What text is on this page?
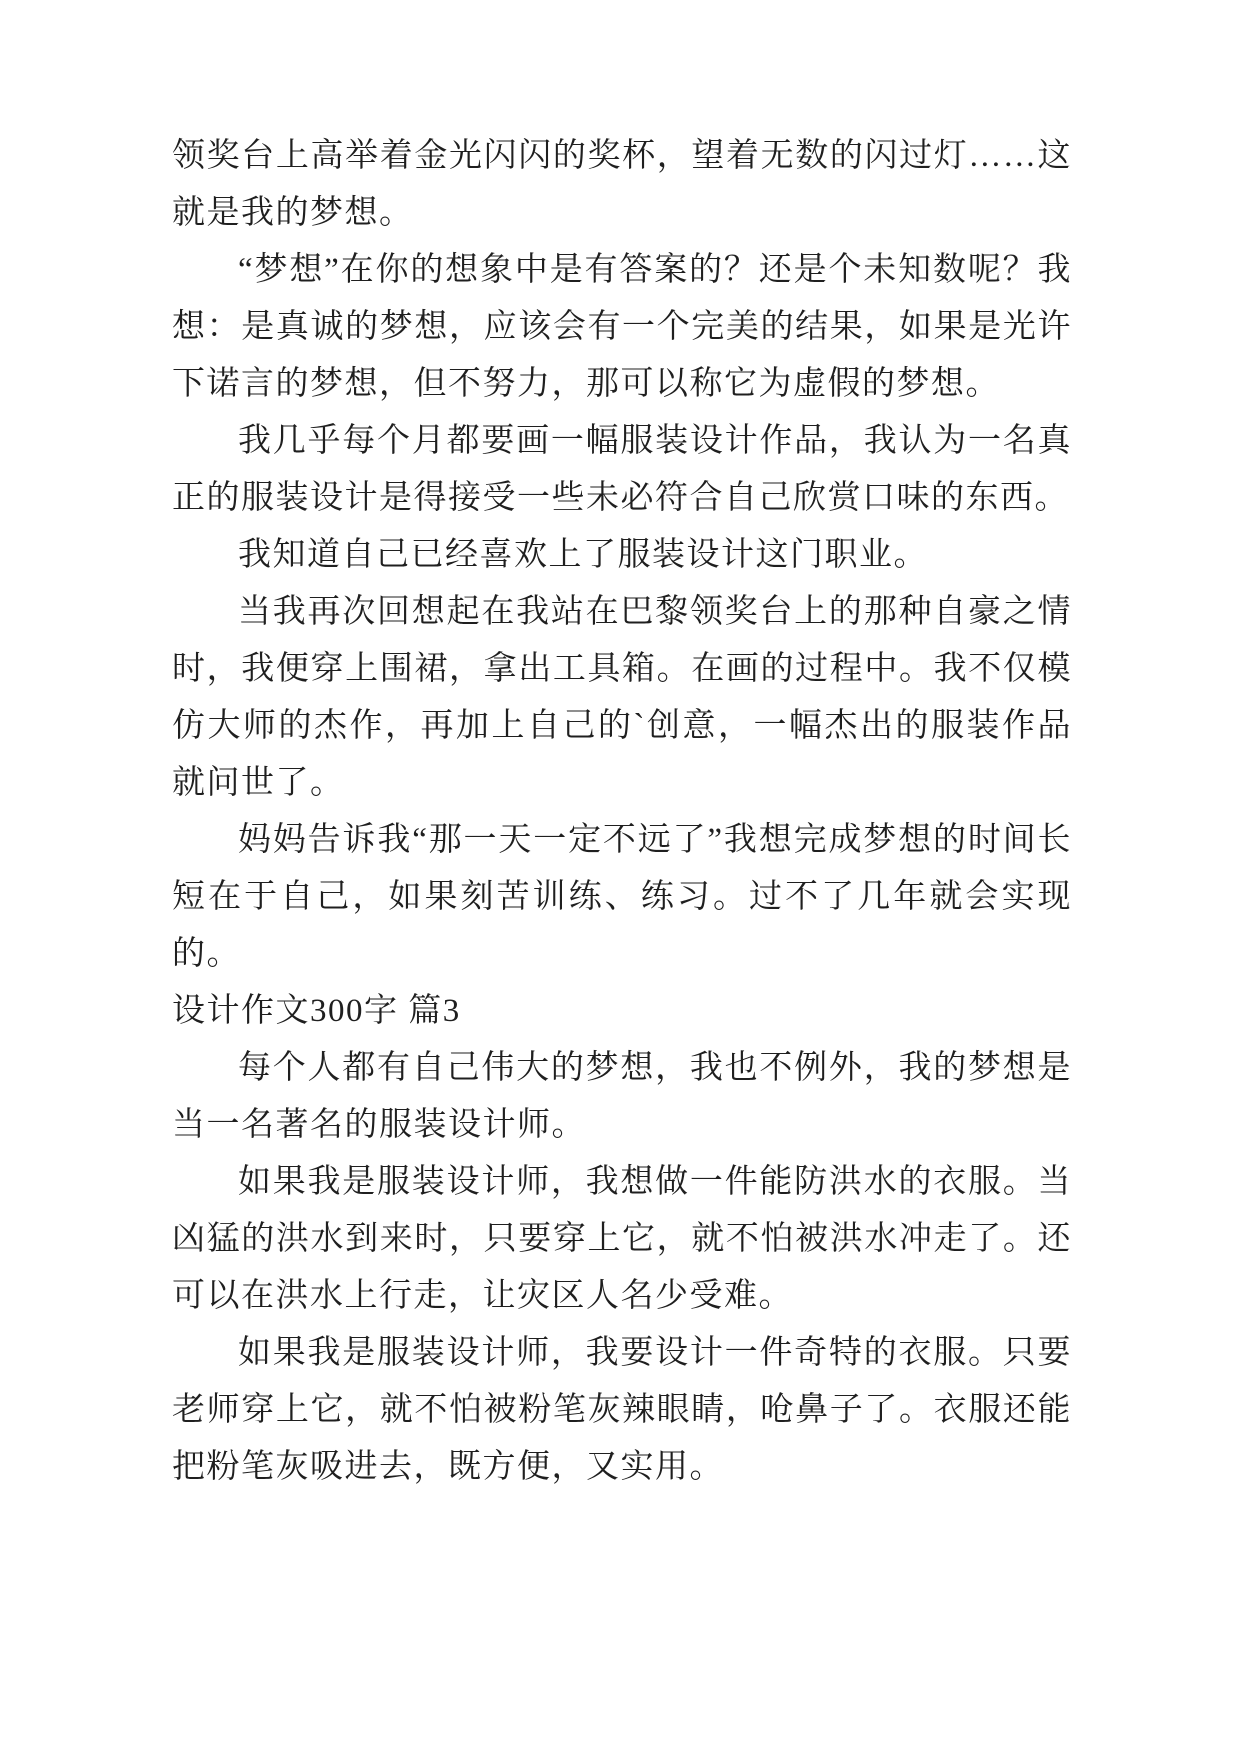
领奖台上高举着金光闪闪的奖杯，望着无数的闪过灯……这就是我的梦想。

“梦想”在你的想象中是有答案的？还是个未知数呢？我想：是真诚的梦想，应该会有一个完美的结果，如果是光许下诺言的梦想，但不努力，那可以称它为虚假的梦想。

我几乎每个月都要画一幅服装设计作品，我认为一名真正的服装设计是得接受一些未必符合自己欣赏口味的东西。

我知道自己已经喜欢上了服装设计这门职业。

当我再次回想起在我站在巴黎领奖台上的那种自豪之情时，我便穿上围裙，拿出工具箱。在画的过程中。我不仅模仿大师的杰作，再加上自己的`创意，一幅杰出的服装作品就问世了。

妈妈告诉我“那一天一定不远了”我想完成梦想的时间长短在于自己，如果刻苦训练、练习。过不了几年就会实现的。

设计作文300字 篇3

每个人都有自己伟大的梦想，我也不例外，我的梦想是当一名著名的服装设计师。

如果我是服装设计师，我想做一件能防洪水的衣服。当凶猛的洪水到来时，只要穿上它，就不怕被洪水冲走了。还可以在洪水上行走，让灾区人名少受难。

如果我是服装设计师，我要设计一件奇特的衣服。只要老师穿上它，就不怕被粉笔灰辣眼睛，呛鼻子了。衣服还能把粉笔灰吸进去，既方便，又实用。
